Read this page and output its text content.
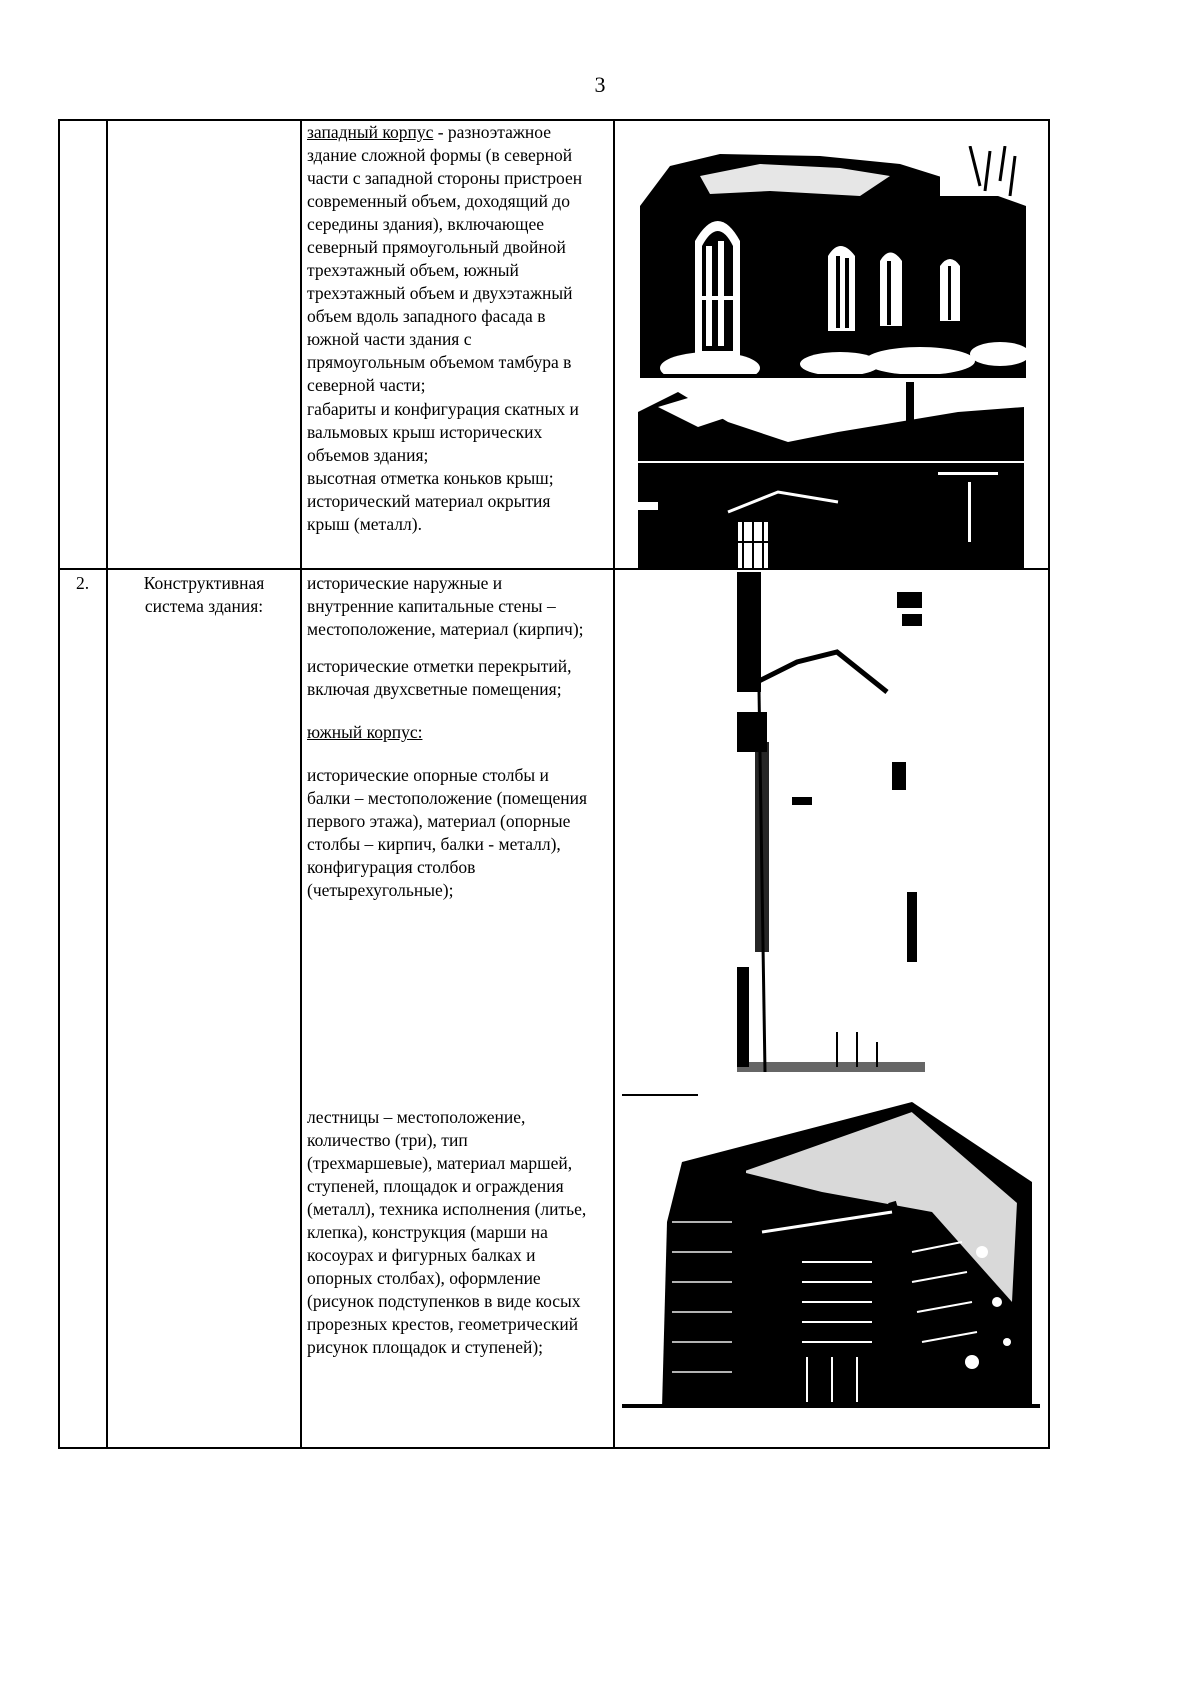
3
западный корпус - разноэтажное
здание сложной формы (в северной
части с западной стороны пристроен
современный объем, доходящий до
середины здания), включающее
северный прямоугольный двойной
трехэтажный объем, южный
трехэтажный объем и двухэтажный
объем вдоль западного фасада в
южной части здания с
прямоугольным объемом тамбура в
северной части;
габариты и конфигурация скатных и
вальмовых крыш исторических
объемов здания;
высотная отметка коньков крыш;
исторический материал окрытия
крыш (металл).
2.	Конструктивная
система здания:
исторические наружные и
внутренние капитальные стены –
местоположение, материал (кирпич);
исторические отметки перекрытий,
включая двухсветные помещения;
южный корпус:
исторические опорные столбы и
балки – местоположение (помещения
первого этажа), материал (опорные
столбы – кирпич, балки - металл),
конфигурация столбов
(четырехугольные);
лестницы – местоположение,
количество (три), тип
(трехмаршевые), материал маршей,
ступеней, площадок и ограждения
(металл), техника исполнения (литье,
клепка), конструкция (марши на
косоурах и фигурных балках и
опорных столбах), оформление
(рисунок подступенков в виде косых
прорезных крестов, геометрический
рисунок площадок и ступеней);
